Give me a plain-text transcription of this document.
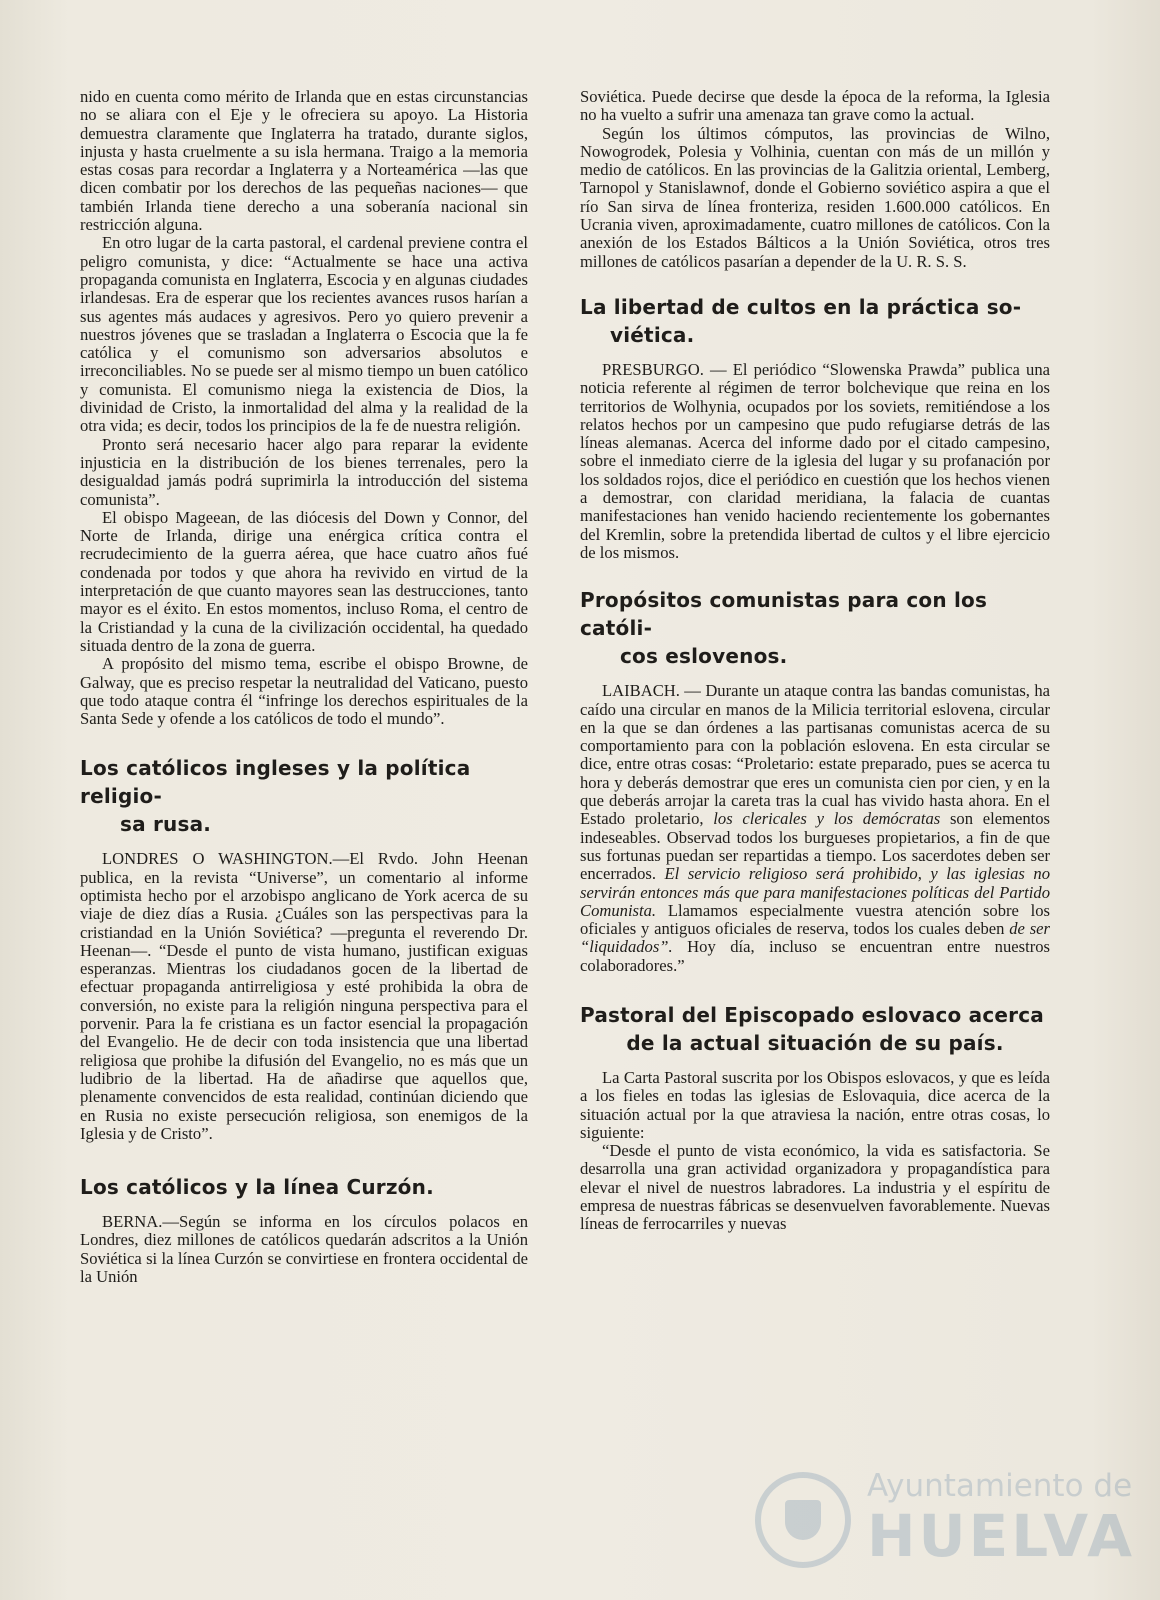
nido en cuenta como mérito de Irlanda que en estas circunstancias no se aliara con el Eje y le ofreciera su apoyo. La Historia demuestra claramente que Inglaterra ha tratado, durante siglos, injusta y hasta cruelmente a su isla hermana. Traigo a la memoria estas cosas para recordar a Inglaterra y a Norteamérica —las que dicen combatir por los derechos de las pequeñas naciones— que también Irlanda tiene derecho a una soberanía nacional sin restricción alguna.

En otro lugar de la carta pastoral, el cardenal previene contra el peligro comunista, y dice: “Actualmente se hace una activa propaganda comunista en Inglaterra, Escocia y en algunas ciudades irlandesas. Era de esperar que los recientes avances rusos harían a sus agentes más audaces y agresivos. Pero yo quiero prevenir a nuestros jóvenes que se trasladan a Inglaterra o Escocia que la fe católica y el comunismo son adversarios absolutos e irreconciliables. No se puede ser al mismo tiempo un buen católico y comunista. El comunismo niega la existencia de Dios, la divinidad de Cristo, la inmortalidad del alma y la realidad de la otra vida; es decir, todos los principios de la fe de nuestra religión.

Pronto será necesario hacer algo para reparar la evidente injusticia en la distribución de los bienes terrenales, pero la desigualdad jamás podrá suprimirla la introducción del sistema comunista”.

El obispo Mageean, de las diócesis del Down y Connor, del Norte de Irlanda, dirige una enérgica crítica contra el recrudecimiento de la guerra aérea, que hace cuatro años fué condenada por todos y que ahora ha revivido en virtud de la interpretación de que cuanto mayores sean las destrucciones, tanto mayor es el éxito. En estos momentos, incluso Roma, el centro de la Cristiandad y la cuna de la civilización occidental, ha quedado situada dentro de la zona de guerra.

A propósito del mismo tema, escribe el obispo Browne, de Galway, que es preciso respetar la neutralidad del Vaticano, puesto que todo ataque contra él “infringe los derechos espirituales de la Santa Sede y ofende a los católicos de todo el mundo”.

Los católicos ingleses y la política religio-
sa rusa.

LONDRES O WASHINGTON.—El Rvdo. John Heenan publica, en la revista “Universe”, un comentario al informe optimista hecho por el arzobispo anglicano de York acerca de su viaje de diez días a Rusia. ¿Cuáles son las perspectivas para la cristiandad en la Unión Soviética? —pregunta el reverendo Dr. Heenan—. “Desde el punto de vista humano, justifican exiguas esperanzas. Mientras los ciudadanos gocen de la libertad de efectuar propaganda antirreligiosa y esté prohibida la obra de conversión, no existe para la religión ninguna perspectiva para el porvenir. Para la fe cristiana es un factor esencial la propagación del Evangelio. He de decir con toda insistencia que una libertad religiosa que prohibe la difusión del Evangelio, no es más que un ludibrio de la libertad. Ha de añadirse que aquellos que, plenamente convencidos de esta realidad, continúan diciendo que en Rusia no existe persecución religiosa, son enemigos de la Iglesia y de Cristo”.

Los católicos y la línea Curzón.

BERNA.—Según se informa en los círculos polacos en Londres, diez millones de católicos quedarán adscritos a la Unión Soviética si la línea Curzón se convirtiese en frontera occidental de la Unión

Soviética. Puede decirse que desde la época de la reforma, la Iglesia no ha vuelto a sufrir una amenaza tan grave como la actual.

Según los últimos cómputos, las provincias de Wilno, Nowogrodek, Polesia y Volhinia, cuentan con más de un millón y medio de católicos. En las provincias de la Galitzia oriental, Lemberg, Tarnopol y Stanislawnof, donde el Gobierno soviético aspira a que el río San sirva de línea fronteriza, residen 1.600.000 católicos. En Ucrania viven, aproximadamente, cuatro millones de católicos. Con la anexión de los Estados Bálticos a la Unión Soviética, otros tres millones de católicos pasarían a depender de la U. R. S. S.

La libertad de cultos en la práctica so-
viética.

PRESBURGO. — El periódico “Slowenska Prawda” publica una noticia referente al régimen de terror bolchevique que reina en los territorios de Wolhynia, ocupados por los soviets, remitiéndose a los relatos hechos por un campesino que pudo refugiarse detrás de las líneas alemanas. Acerca del informe dado por el citado campesino, sobre el inmediato cierre de la iglesia del lugar y su profanación por los soldados rojos, dice el periódico en cuestión que los hechos vienen a demostrar, con claridad meridiana, la falacia de cuantas manifestaciones han venido haciendo recientemente los gobernantes del Kremlin, sobre la pretendida libertad de cultos y el libre ejercicio de los mismos.

Propósitos comunistas para con los católi-
cos eslovenos.

LAIBACH. — Durante un ataque contra las bandas comunistas, ha caído una circular en manos de la Milicia territorial eslovena, circular en la que se dan órdenes a las partisanas comunistas acerca de su comportamiento para con la población eslovena. En esta circular se dice, entre otras cosas: “Proletario: estate preparado, pues se acerca tu hora y deberás demostrar que eres un comunista cien por cien, y en la que deberás arrojar la careta tras la cual has vivido hasta ahora. En el Estado proletario, los clericales y los demócratas son elementos indeseables. Observad todos los burgueses propietarios, a fin de que sus fortunas puedan ser repartidas a tiempo. Los sacerdotes deben ser encerrados. El servicio religioso será prohibido, y las iglesias no servirán entonces más que para manifestaciones políticas del Partido Comunista. Llamamos especialmente vuestra atención sobre los oficiales y antiguos oficiales de reserva, todos los cuales deben de ser “liquidados”. Hoy día, incluso se encuentran entre nuestros colaboradores.”

Pastoral del Episcopado eslovaco acerca
de la actual situación de su país.

La Carta Pastoral suscrita por los Obispos eslovacos, y que es leída a los fieles en todas las iglesias de Eslovaquia, dice acerca de la situación actual por la que atraviesa la nación, entre otras cosas, lo siguiente:

“Desde el punto de vista económico, la vida es satisfactoria. Se desarrolla una gran actividad organizadora y propagandística para elevar el nivel de nuestros labradores. La industria y el espíritu de empresa de nuestras fábricas se desenvuelven favorablemente. Nuevas líneas de ferrocarriles y nuevas

Ayuntamiento de
HUELVA
